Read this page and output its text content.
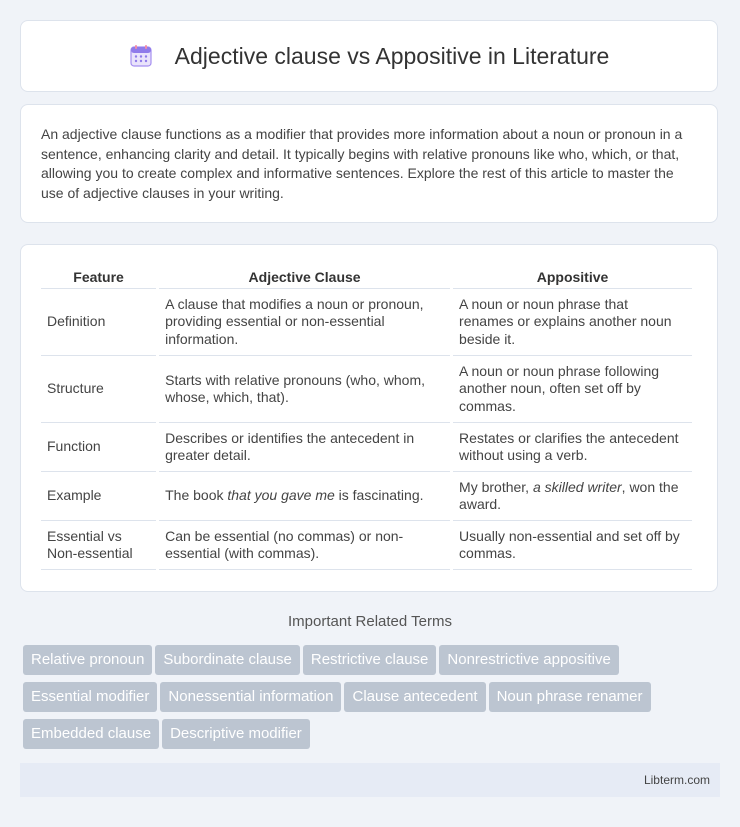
Adjective clause vs Appositive in Literature

An adjective clause functions as a modifier that provides more information about a noun or pronoun in a sentence, enhancing clarity and detail. It typically begins with relative pronouns like who, which, or that, allowing you to create complex and informative sentences. Explore the rest of this article to master the use of adjective clauses in your writing.

Feature	Adjective Clause	Appositive
Definition	A clause that modifies a noun or pronoun, providing essential or non-essential information.	A noun or noun phrase that renames or explains another noun beside it.
Structure	Starts with relative pronouns (who, whom, whose, which, that).	A noun or noun phrase following another noun, often set off by commas.
Function	Describes or identifies the antecedent in greater detail.	Restates or clarifies the antecedent without using a verb.
Example	The book that you gave me is fascinating.	My brother, a skilled writer, won the award.
Essential vs Non-essential	Can be essential (no commas) or non-essential (with commas).	Usually non-essential and set off by commas.
Important Related Terms
Relative pronoun Subordinate clause Restrictive clause Nonrestrictive appositive
Essential modifier Nonessential information Clause antecedent Noun phrase renamer
Embedded clause Descriptive modifier
Libterm.com
